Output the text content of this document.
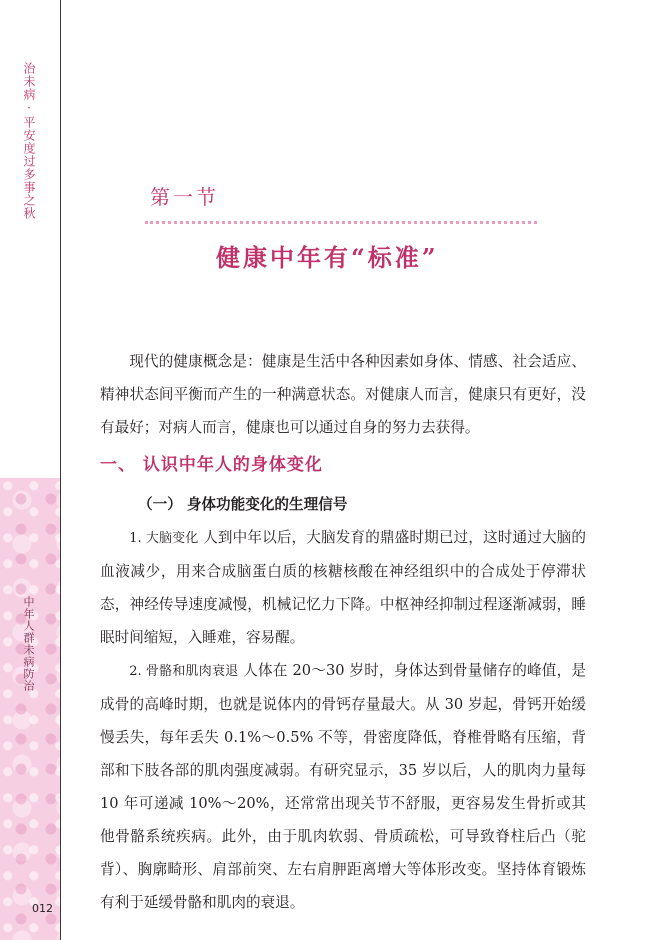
治未病·平安度过多事之秋
中年人群未病防治
012
第一节
健康中年有“标准”

现代的健康概念是：健康是生活中各种因素如身体、情感、社会适应、精神状态间平衡而产生的一种满意状态。对健康人而言，健康只有更好，没有最好；对病人而言，健康也可以通过自身的努力去获得。

一、 认识中年人的身体变化
（一） 身体功能变化的生理信号

1. 大脑变化 人到中年以后，大脑发育的鼎盛时期已过，这时通过大脑的血液减少，用来合成脑蛋白质的核糖核酸在神经组织中的合成处于停滞状态，神经传导速度减慢，机械记忆力下降。中枢神经抑制过程逐渐减弱，睡眠时间缩短，入睡难，容易醒。

2. 骨骼和肌肉衰退 人体在 20～30 岁时，身体达到骨量储存的峰值，是成骨的高峰时期，也就是说体内的骨钙存量最大。从 30 岁起，骨钙开始缓慢丢失，每年丢失 0.1%～0.5% 不等，骨密度降低，脊椎骨略有压缩，背部和下肢各部的肌肉强度减弱。有研究显示，35 岁以后，人的肌肉力量每 10 年可递减 10%～20%，还常常出现关节不舒服，更容易发生骨折或其他骨骼系统疾病。此外，由于肌肉软弱、骨质疏松，可导致脊柱后凸（驼背）、胸廓畸形、肩部前突、左右肩胛距离增大等体形改变。坚持体育锻炼有利于延缓骨骼和肌肉的衰退。
